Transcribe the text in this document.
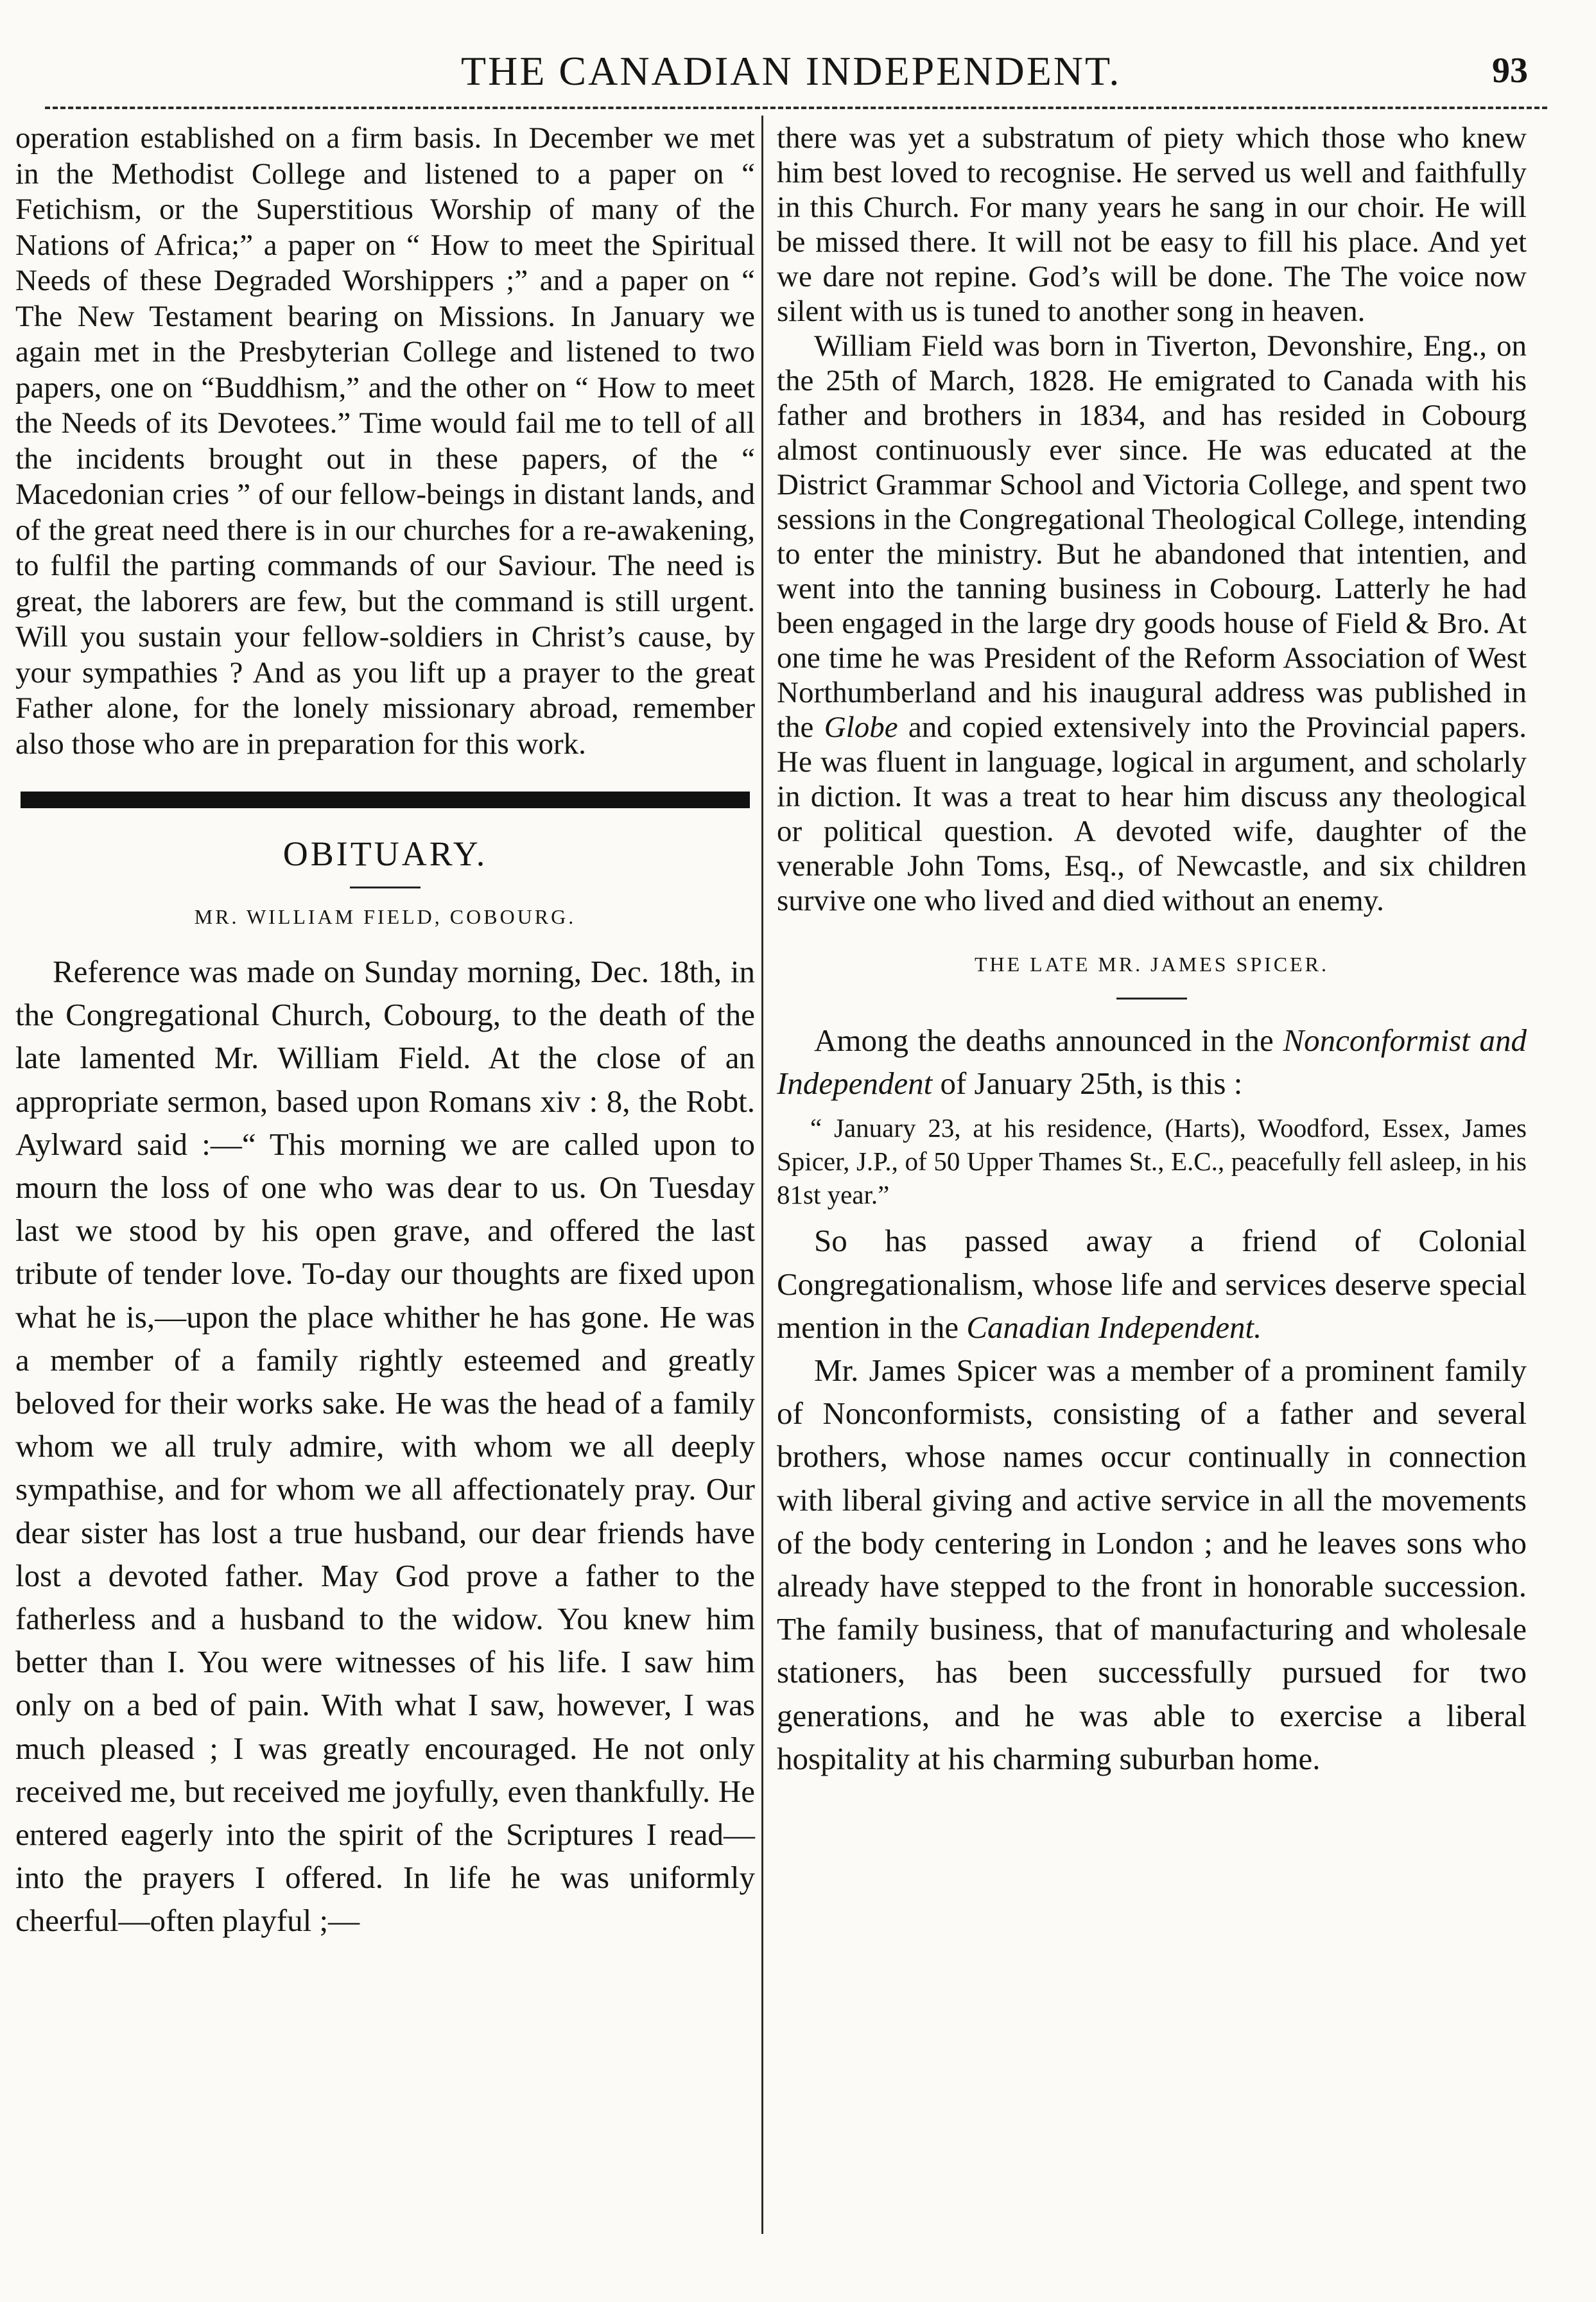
THE CANADIAN INDEPENDENT.	93

operation established on a firm basis. In December we met in the Methodist College and listened to a paper on “ Fetichism, or the Superstitious Worship of many of the Nations of Africa;” a paper on “ How to meet the Spiritual Needs of these Degraded Worshippers ;” and a paper on “ The New Testament bearing on Missions. In January we again met in the Presbyterian College and listened to two papers, one on “Buddhism,” and the other on “ How to meet the Needs of its Devotees.” Time would fail me to tell of all the incidents brought out in these papers, of the “ Macedonian cries ” of our fellow-beings in distant lands, and of the great need there is in our churches for a re-awakening, to fulfil the parting commands of our Saviour. The need is great, the laborers are few, but the command is still urgent. Will you sustain your fellow-soldiers in Christ’s cause, by your sympathies ? And as you lift up a prayer to the great Father alone, for the lonely missionary abroad, remember also those who are in preparation for this work.

OBITUARY.
MR. WILLIAM FIELD, COBOURG.

Reference was made on Sunday morning, Dec. 18th, in the Congregational Church, Cobourg, to the death of the late lamented Mr. William Field. At the close of an appropriate sermon, based upon Romans xiv : 8, the Robt. Aylward said :—“ This morning we are called upon to mourn the loss of one who was dear to us. On Tuesday last we stood by his open grave, and offered the last tribute of tender love. To-day our thoughts are fixed upon what he is,—upon the place whither he has gone. He was a member of a family rightly esteemed and greatly beloved for their works sake. He was the head of a family whom we all truly admire, with whom we all deeply sympathise, and for whom we all affectionately pray. Our dear sister has lost a true husband, our dear friends have lost a devoted father. May God prove a father to the fatherless and a husband to the widow. You knew him better than I. You were witnesses of his life. I saw him only on a bed of pain. With what I saw, however, I was much pleased ; I was greatly encouraged. He not only received me, but received me joyfully, even thankfully. He entered eagerly into the spirit of the Scriptures I read—into the prayers I offered. In life he was uniformly cheerful—often playful ;—

there was yet a substratum of piety which those who knew him best loved to recognise. He served us well and faithfully in this Church. For many years he sang in our choir. He will be missed there. It will not be easy to fill his place. And yet we dare not repine. God’s will be done. The The voice now silent with us is tuned to another song in heaven.

William Field was born in Tiverton, Devonshire, Eng., on the 25th of March, 1828. He emigrated to Canada with his father and brothers in 1834, and has resided in Cobourg almost continuously ever since. He was educated at the District Grammar School and Victoria College, and spent two sessions in the Congregational Theological College, intending to enter the ministry. But he abandoned that intentien, and went into the tanning business in Cobourg. Latterly he had been engaged in the large dry goods house of Field & Bro. At one time he was President of the Reform Association of West Northumberland and his inaugural address was published in the Globe and copied extensively into the Provincial papers. He was fluent in language, logical in argument, and scholarly in diction. It was a treat to hear him discuss any theological or political question. A devoted wife, daughter of the venerable John Toms, Esq., of Newcastle, and six children survive one who lived and died without an enemy.

THE LATE MR. JAMES SPICER.

Among the deaths announced in the Nonconformist and Independent of January 25th, is this :

“ January 23, at his residence, (Harts), Woodford, Essex, James Spicer, J.P., of 50 Upper Thames St., E.C., peacefully fell asleep, in his 81st year.”

So has passed away a friend of Colonial Congregationalism, whose life and services deserve special mention in the Canadian Independent.

Mr. James Spicer was a member of a prominent family of Nonconformists, consisting of a father and several brothers, whose names occur continually in connection with liberal giving and active service in all the movements of the body centering in London ; and he leaves sons who already have stepped to the front in honorable succession. The family business, that of manufacturing and wholesale stationers, has been successfully pursued for two generations, and he was able to exercise a liberal hospitality at his charming suburban home.
